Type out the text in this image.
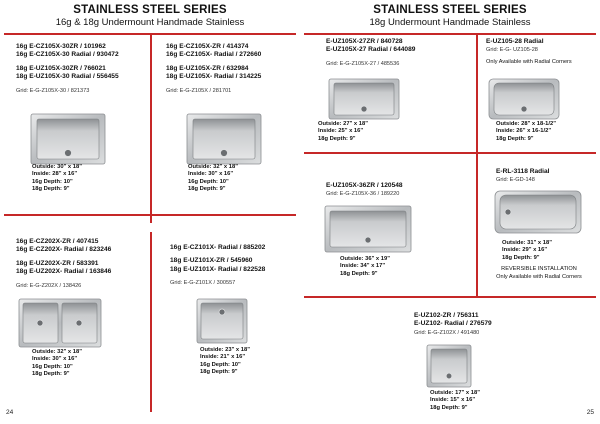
STAINLESS STEEL SERIES
16g & 18g Undermount Handmade Stainless
16g E-CZ105X-30ZR / 101962
16g E-CZ105X-30 Radial / 930472
18g E-UZ105X-30ZR / 766021
18g E-UZ105X-30 Radial / 556455
Grid: E-G-Z105X-30 / 821373
Outside: 30" x 18"
Inside: 28" x 16"
16g Depth: 10"
18g Depth: 9"
16g E-CZ105X-ZR / 414374
16g E-CZ105X- Radial / 272660
18g E-UZ105X-ZR / 632984
18g E-UZ105X- Radial / 314225
Grid: E-G-Z105X / 281701
Outside: 32" x 18"
Inside: 30" x 16"
16g Depth: 10"
18g Depth: 9"
16g E-CZ202X-ZR / 407415
16g E-CZ202X- Radial / 823246
18g E-UZ202X-ZR / 583391
18g E-UZ202X- Radial / 163846
Grid: E-G-Z202X / 138426
Outside: 32" x 18"
Inside: 30" x 16"
16g Depth: 10"
18g Depth: 9"
16g E-CZ101X- Radial / 885202
18g E-UZ101X-ZR / 545960
18g E-UZ101X- Radial / 822528
Grid: E-G-Z101X / 300557
Outside: 23" x 18"
Inside: 21" x 16"
16g Depth: 10"
18g Depth: 9"
24
STAINLESS STEEL SERIES
18g Undermount Handmade Stainless
E-UZ105X-27ZR / 840728
E-UZ105X-27 Radial / 644089
Grid: E-G-Z105X-27 / 485536
Outside: 27" x 18"
Inside: 25" x 16"
18g Depth: 9"
E-UZ105-28 Radial
Grid: E-G- UZ105-28
Only Available with Radial Corners
Outside: 28" x 18-1/2"
Inside: 26" x 16-1/2"
18g Depth: 9"
E-UZ105X-36ZR / 120548
Grid: E-G-Z105X-36 / 189220
Outside: 36" x 19"
Inside: 34" x 17"
18g Depth: 9"
E-RL-3118 Radial
Grid: E-GD-148
Outside: 31" x 18"
Inside: 29" x 16"
18g Depth: 9"
REVERSIBLE INSTALLATION
Only Available with Radial Corners
E-UZ102-ZR / 756311
E-UZ102- Radial / 276579
Grid: E-G-Z102X / 491480
Outside: 17" x 18"
Inside: 15" x 16"
18g Depth: 9"
25
